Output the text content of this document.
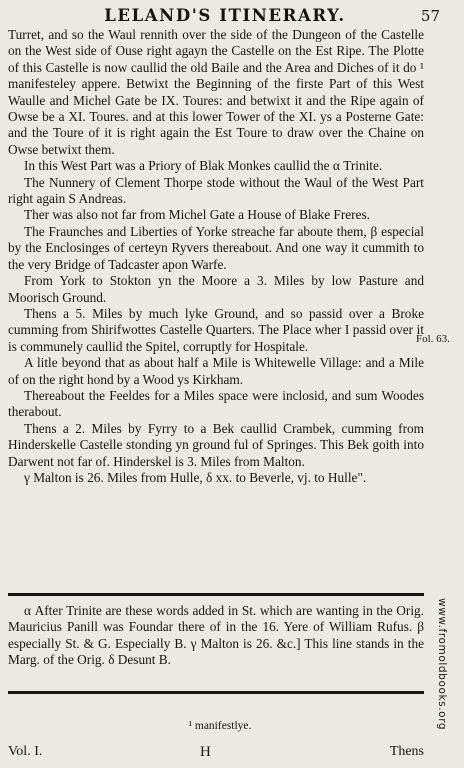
LELAND'S ITINERARY.	57

Turret, and so the Waul rennith over the side of the Dungeon of the Castelle on the West side of Ouse right agayn the Castelle on the Est Ripe. The Plotte of this Castelle is now caullid the old Baile and the Area and Diches of it do ¹ manifesteley appere. Betwixt the Beginning of the firste Part of this West Waulle and Michel Gate be IX. Toures: and betwixt it and the Ripe again of Owse be a XI. Toures. and at this lower Tower of the XI. ys a Posterne Gate: and the Toure of it is right again the Est Toure to draw over the Chaine on Owse betwixt them.

In this West Part was a Priory of Blak Monkes caullid the α Trinite.

The Nunnery of Clement Thorpe stode without the Waul of the West Part right again S Andreas.

Ther was also not far from Michel Gate a House of Blake Freres.

The Fraunches and Liberties of Yorke streache far aboute them, β especial by the Enclosinges of certeyn Ryvers thereabout. And one way it cummith to the very Bridge of Tadcaster apon Warfe.

From York to Stokton yn the Moore a 3. Miles by low Pasture and Moorisch Ground.

Thens a 5. Miles by much lyke Ground, and so passid over a Broke cumming from Shirifwottes Castelle Quarters. The Place wher I passid over it is communely caullid the Spitel, corruptly for Hospitale.

A litle beyond that as about half a Mile is Whitewelle Village: and a Mile of on the right hond by a Wood ys Kirkham.

Thereabout the Feeldes for a Miles space were inclosid, and sum Woodes therabout.

Thens a 2. Miles by Fyrry to a Bek caullid Crambek, cumming from Hinderskelle Castelle stonding yn ground ful of Springes. This Bek goith into Darwent not far of. Hinderskel is 3. Miles from Malton.

γ Malton is 26. Miles from Hulle, δ xx. to Beverle, vj. to Hulle".

Fol. 63.

α After Trinite are these words added in St. which are wanting in the Orig. Mauricius Panill was Foundar there of in the 16. Yere of William Rufus. β especially St. & G. Especially B. γ Malton is 26. &c.] This line stands in the Marg. of the Orig. δ Desunt B.

¹ manifestlye.
Vol. I.	H	Thens
www.fromoldbooks.org
